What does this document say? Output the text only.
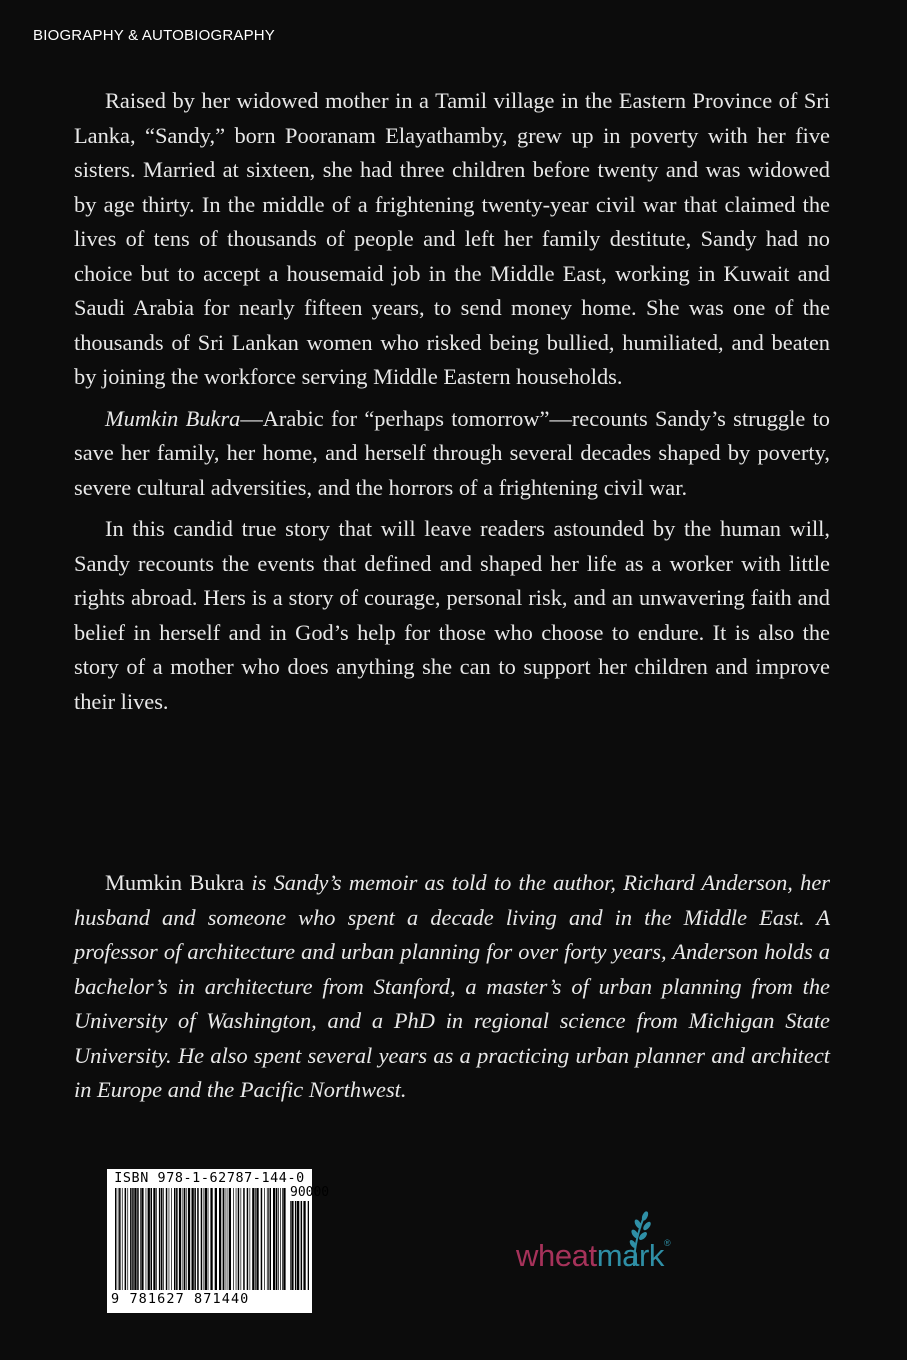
BIOGRAPHY & AUTOBIOGRAPHY

Raised by her widowed mother in a Tamil village in the Eastern Province of Sri Lanka, “Sandy,” born Pooranam Elayathamby, grew up in poverty with her five sisters. Married at sixteen, she had three children before twenty and was widowed by age thirty. In the middle of a frightening twenty-year civil war that claimed the lives of tens of thousands of people and left her family destitute, Sandy had no choice but to accept a housemaid job in the Middle East, working in Kuwait and Saudi Arabia for nearly fifteen years, to send money home. She was one of the thousands of Sri Lankan women who risked being bullied, humiliated, and beaten by joining the workforce serving Middle Eastern households.

Mumkin Bukra—Arabic for “perhaps tomorrow”—recounts Sandy’s struggle to save her family, her home, and herself through several decades shaped by poverty, severe cultural adversities, and the horrors of a frightening civil war.

In this candid true story that will leave readers astounded by the human will, Sandy recounts the events that defined and shaped her life as a worker with little rights abroad. Hers is a story of courage, personal risk, and an unwavering faith and belief in herself and in God’s help for those who choose to endure. It is also the story of a mother who does anything she can to support her children and improve their lives.

Mumkin Bukra is Sandy’s memoir as told to the author, Richard Anderson, her husband and someone who spent a decade living and in the Middle East. A professor of architecture and urban planning for over forty years, Anderson holds a bachelor’s in architecture from Stanford, a master’s of urban planning from the University of Washington, and a PhD in regional science from Michigan State University. He also spent several years as a practicing urban planner and architect in Europe and the Pacific Northwest.

ISBN 978-1-62787-144-0
90000
9 781627 871440
wheatmark®
